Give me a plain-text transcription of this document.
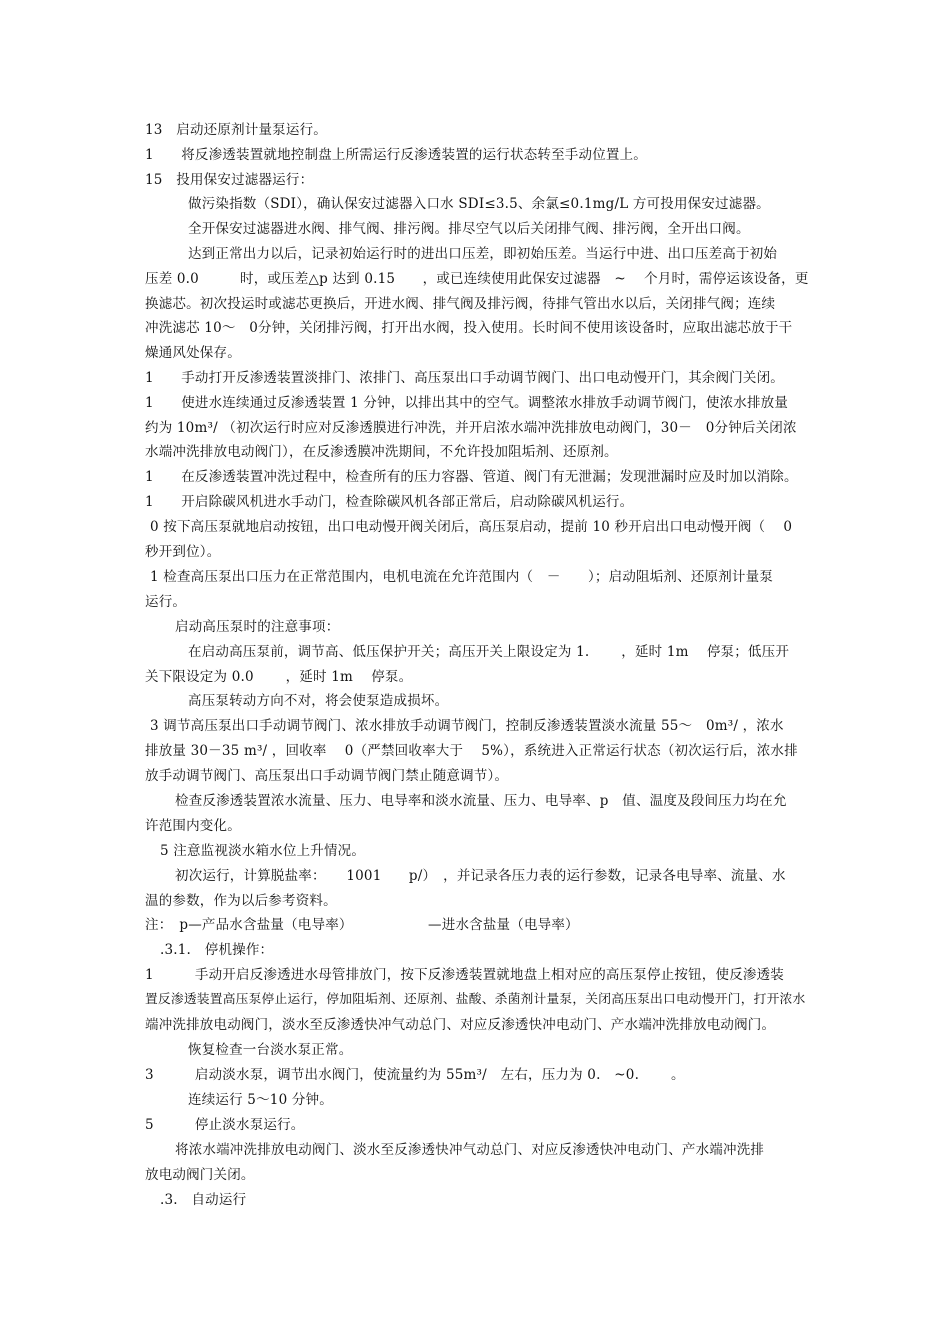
13　启动还原剂计量泵运行。
1　　将反渗透装置就地控制盘上所需运行反渗透装置的运行状态转至手动位置上。
15　投用保安过滤器运行：
做污染指数（SDI），确认保安过滤器入口水 SDI≤3.5、余氯≤0.1mg/L 方可投用保安过滤器。
全开保安过滤器进水阀、排气阀、排污阀。排尽空气以后关闭排气阀、排污阀，全开出口阀。
达到正常出力以后，记录初始运行时的进出口压差，即初始压差。当运行中进、出口压差高于初始
压差 0.0　　　时，或压差△p 达到 0.15　　，或已连续使用此保安过滤器　~　 个月时，需停运该设备，更
换滤芯。初次投运时或滤芯更换后，开进水阀、排气阀及排污阀，待排气管出水以后，关闭排气阀；连续
冲洗滤芯 10～　0分钟，关闭排污阀，打开出水阀，投入使用。长时间不使用该设备时，应取出滤芯放于干
燥通风处保存。
1　　手动打开反渗透装置淡排门、浓排门、高压泵出口手动调节阀门、出口电动慢开门，其余阀门关闭。
1　　使进水连续通过反渗透装置 1 分钟，以排出其中的空气。调整浓水排放手动调节阀门，使浓水排放量
约为 10m³/ （初次运行时应对反渗透膜进行冲洗，并开启浓水端冲洗排放电动阀门，30－　0分钟后关闭浓
水端冲洗排放电动阀门），在反渗透膜冲洗期间，不允许投加阻垢剂、还原剂。
1　　在反渗透装置冲洗过程中，检查所有的压力容器、管道、阀门有无泄漏；发现泄漏时应及时加以消除。
1　　开启除碳风机进水手动门，检查除碳风机各部正常后，启动除碳风机运行。
0 按下高压泵就地启动按钮，出口电动慢开阀关闭后，高压泵启动，提前 10 秒开启出口电动慢开阀（　 0
秒开到位）。
1 检查高压泵出口压力在正常范围内，电机电流在允许范围内（　－　　）；启动阻垢剂、还原剂计量泵
运行。
启动高压泵时的注意事项：
在启动高压泵前，调节高、低压保护开关；高压开关上限设定为 1.　　 ，延时 1m　 停泵；低压开
关下限设定为 0.0　　 ，延时 1m　 停泵。
高压泵转动方向不对，将会使泵造成损坏。
3 调节高压泵出口手动调节阀门、浓水排放手动调节阀门，控制反渗透装置淡水流量 55～　0m³/ ，浓水
排放量 30－35 m³/ ，回收率　 0（严禁回收率大于　 5%），系统进入正常运行状态（初次运行后，浓水排
放手动调节阀门、高压泵出口手动调节阀门禁止随意调节）。
检查反渗透装置浓水流量、压力、电导率和淡水流量、压力、电导率、p　值、温度及段间压力均在允
许范围内变化。
5 注意监视淡水箱水位上升情况。
初次运行，计算脱盐率：　　1001　　p/）　，并记录各压力表的运行参数，记录各电导率、流量、水
温的参数，作为以后参考资料。
注：　p—产品水含盐量（电导率）　　　　　　—进水含盐量（电导率）
.3.1.　停机操作：
1　　　手动开启反渗透进水母管排放门，按下反渗透装置就地盘上相对应的高压泵停止按钮，使反渗透装
置反渗透装置高压泵停止运行，停加阻垢剂、还原剂、盐酸、杀菌剂计量泵，关闭高压泵出口电动慢开门，打开浓水
端冲洗排放电动阀门，淡水至反渗透快冲气动总门、对应反渗透快冲电动门、产水端冲洗排放电动阀门。
恢复检查一台淡水泵正常。
3　　　启动淡水泵，调节出水阀门，使流量约为 55m³/　左右，压力为 0.　~0.　　 。
连续运行 5～10 分钟。
5　　　停止淡水泵运行。
将浓水端冲洗排放电动阀门、淡水至反渗透快冲气动总门、对应反渗透快冲电动门、产水端冲洗排
放电动阀门关闭。
.3.　自动运行
